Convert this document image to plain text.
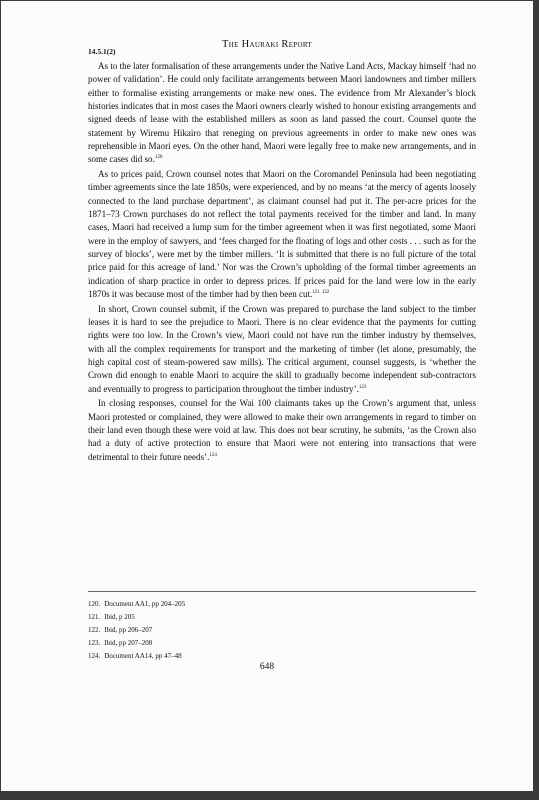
The Hauraki Report
14.5.1(2)

As to the later formalisation of these arrangements under the Native Land Acts, Mackay himself ‘had no power of validation’. He could only facilitate arrangements between Maori landowners and timber millers either to formalise existing arrangements or make new ones. The evidence from Mr Alexander’s block histories indicates that in most cases the Maori owners clearly wished to honour existing arrangements and signed deeds of lease with the established millers as soon as land passed the court. Counsel quote the statement by Wiremu Hikairo that reneging on previous agreements in order to make new ones was reprehensible in Maori eyes. On the other hand, Maori were legally free to make new arrangements, and in some cases did so.$^{120}$

As to prices paid, Crown counsel notes that Maori on the Coromandel Peninsula had been negotiating timber agreements since the late 1850s, were experienced, and by no means ‘at the mercy of agents loosely connected to the land purchase department’, as claimant counsel had put it. The per-acre prices for the 1871–73 Crown purchases do not reflect the total payments received for the timber and land. In many cases, Maori had received a lump sum for the timber agreement when it was first negotiated, some Maori were in the employ of sawyers, and ‘fees charged for the floating of logs and other costs . . . such as for the survey of blocks’, were met by the timber millers. ‘It is submitted that there is no full picture of the total price paid for this acreage of land.’ Nor was the Crown’s upholding of the formal timber agreements an indication of sharp practice in order to depress prices. If prices paid for the land were low in the early 1870s it was because most of the timber had by then been cut.$^{121}$ $^{122}$

In short, Crown counsel submit, if the Crown was prepared to purchase the land subject to the timber leases it is hard to see the prejudice to Maori. There is no clear evidence that the payments for cutting rights were too low. In the Crown’s view, Maori could not have run the timber industry by themselves, with all the complex requirements for transport and the marketing of timber (let alone, presumably, the high capital cost of steam-powered saw mills). The critical argument, counsel suggests, is ‘whether the Crown did enough to enable Maori to acquire the skill to gradually become independent sub-contractors and eventually to progress to participation throughout the timber industry’.$^{123}$

In closing responses, counsel for the Wai 100 claimants takes up the Crown’s argument that, unless Maori protested or complained, they were allowed to make their own arrangements in regard to timber on their land even though these were void at law. This does not bear scrutiny, he submits, ‘as the Crown also had a duty of active protection to ensure that Maori were not entering into transactions that were detrimental to their future needs’.$^{124}$

120. Document AA1, pp 204–205
121. Ibid, p 205
122. Ibid, pp 206–207
123. Ibid, pp 207–208
124. Document AA14, pp 47–48
648
